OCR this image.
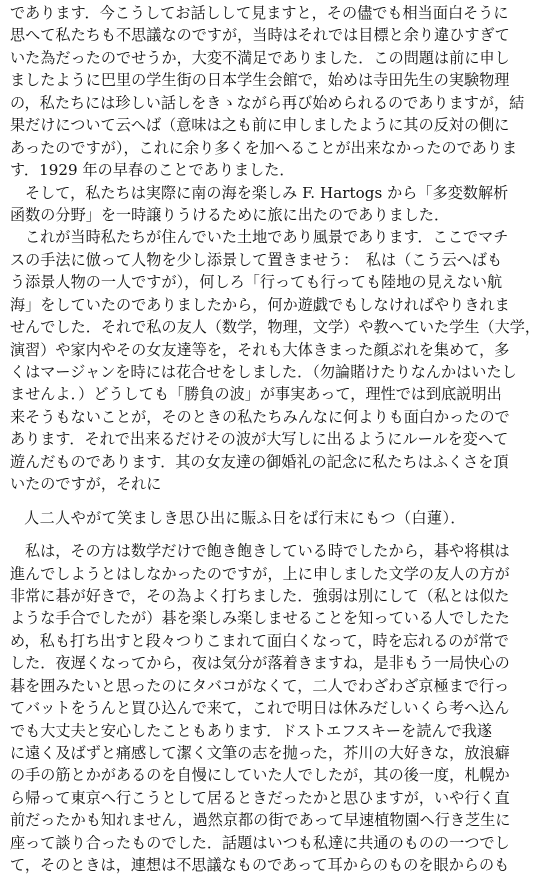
であります．今こうしてお話しして見ますと，その儘でも相当面白そうに
思へて私たちも不思議なのですが，当時はそれでは目標と余り違ひすぎて
いた為だったのでせうか，大変不満足でありました．この問題は前に申し
ましたように巴里の学生街の日本学生会館で，始めは寺田先生の実験物理
の，私たちには珍しい話しをきゝながら再び始められるのでありますが，結
果だけについて云へば（意味は之も前に申しましたように其の反対の側に
あったのですが），これに余り多くを加へることが出来なかったのでありま
す．1929 年の早春のことでありました．
そして，私たちは実際に南の海を楽しみ F. Hartogs から「多変数解析
函数の分野」を一時譲りうけるために旅に出たのでありました．
これが当時私たちが住んでいた土地であり風景であります．ここでマチ
スの手法に倣って人物を少し添景して置きませう：　私は（こう云へばも
う添景人物の一人ですが），何しろ「行っても行っても陸地の見えない航
海」をしていたのでありましたから，何か遊戯でもしなければやりきれま
せんでした．それで私の友人（数学，物理，文学）や教へていた学生（大学，
演習）や家内やその女友達等を，それも大体きまった顔ぶれを集めて，多
くはマージャンを時には花合せをしました．（勿論賭けたりなんかはいたし
ませんよ．）どうしても「勝負の波」が事実あって，理性では到底説明出
来そうもないことが，そのときの私たちみんなに何よりも面白かったので
あります．それで出来るだけその波が大写しに出るようにルールを変へて
遊んだものであります．其の女友達の御婚礼の記念に私たちはふくさを頂
いたのですが，それに
人二人やがて笑ましき思ひ出に賑ふ日をば行末にもつ（白蓮）．
私は，その方は数学だけで飽き飽きしている時でしたから，碁や将棋は
進んでしようとはしなかったのですが，上に申しました文学の友人の方が
非常に碁が好きで，その為よく打ちました．強弱は別にして（私とは似た
ような手合でしたが）碁を楽しみ楽しませることを知っている人でしたた
め，私も打ち出すと段々つりこまれて面白くなって，時を忘れるのが常で
した．夜遅くなってから，夜は気分が落着きますね，是非もう一局快心の
碁を囲みたいと思ったのにタバコがなくて，二人でわざわざ京極まで行っ
てバットをうんと買ひ込んで来て，これで明日は休みだしいくら考へ込ん
でも大丈夫と安心したこともあります．ドストエフスキーを読んで我遂
に遠く及ばずと痛感して潔く文筆の志を抛った，芥川の大好きな，放浪癖
の手の筋とかがあるのを自慢にしていた人でしたが，其の後一度，札幌か
ら帰って東京へ行こうとして居るときだったかと思ひますが，いや行く直
前だったかも知れません，過然京都の街であって早速植物園へ行き芝生に
座って談り合ったものでした．話題はいつも私達に共通のものの一つでし
て，そのときは，連想は不思議なものであって耳からのものを眼からのも
